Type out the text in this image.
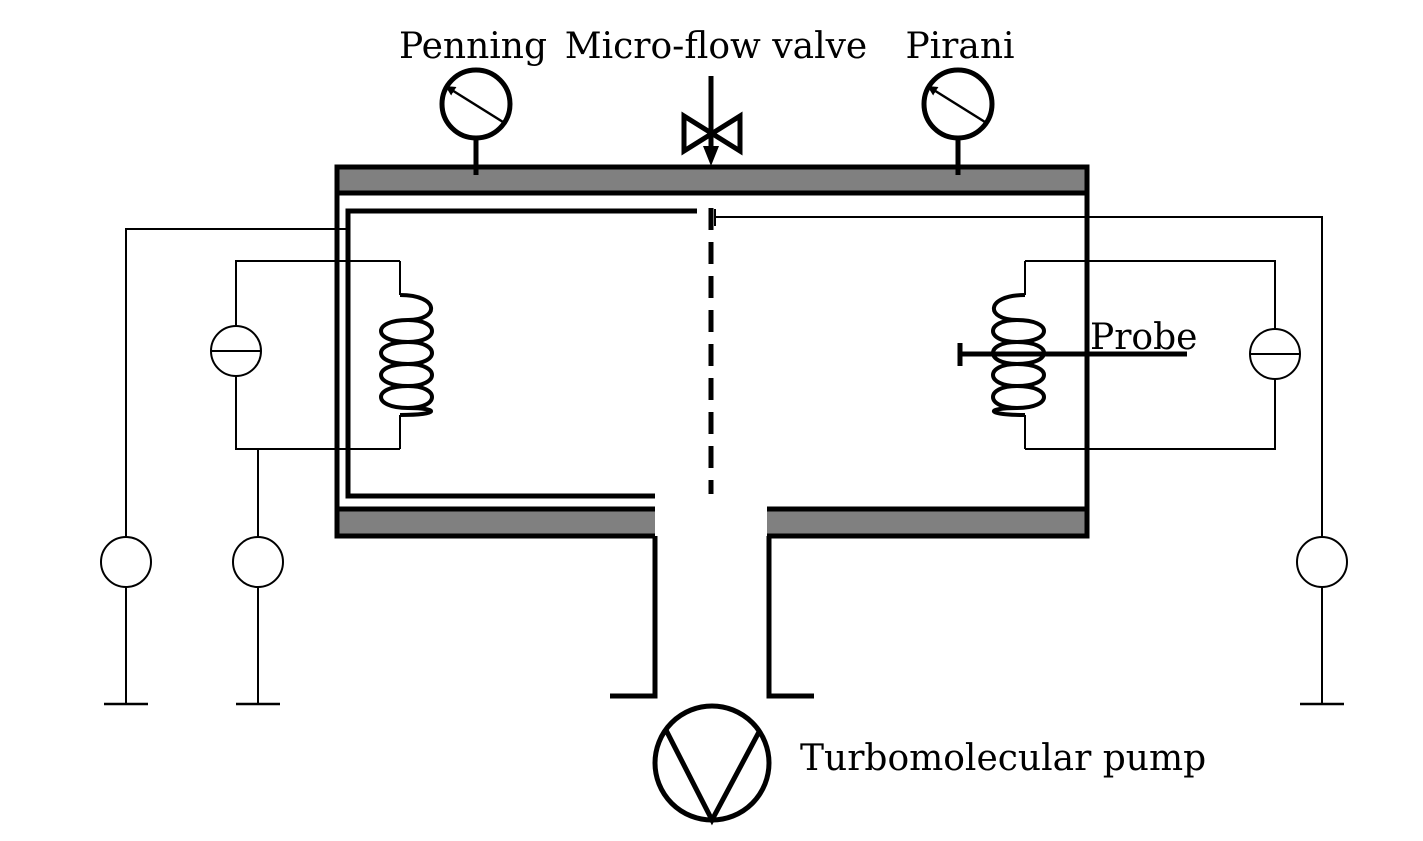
Penning Micro-flow valve Pirani
Probe
Turbomolecular pump
